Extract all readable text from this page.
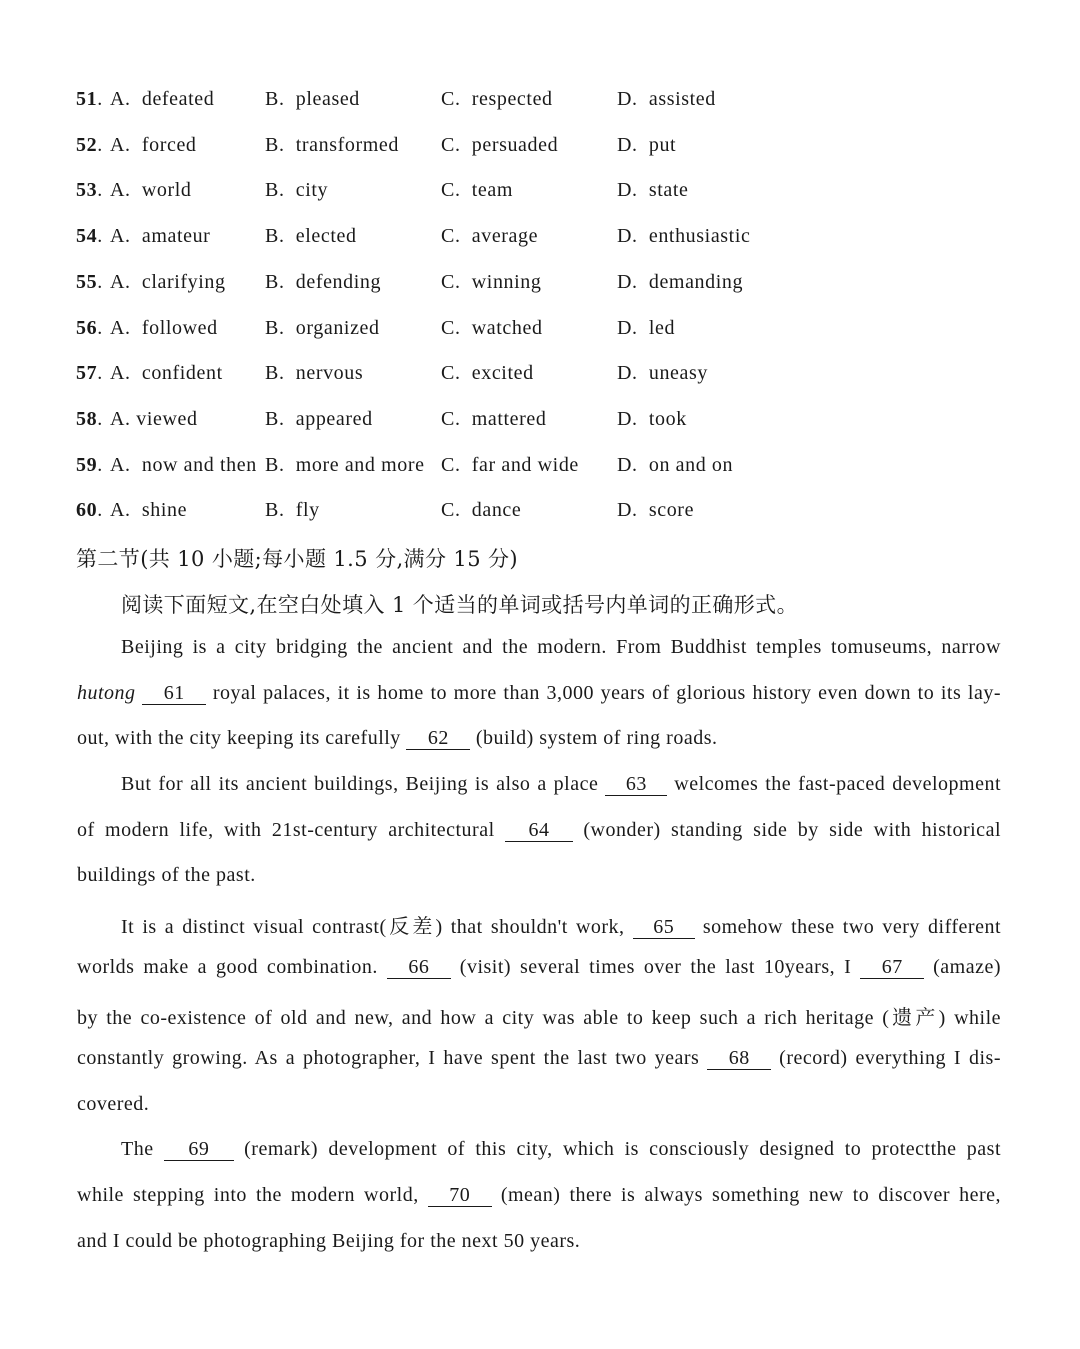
51. A.  defeated	B.  pleased	C.  respected	D.  assisted
52. A.  forced	B.  transformed C.  persuaded	D.  put
53. A.  world	B.  city	C.  team	D.  state
54. A.  amateur	B.  elected	C.  average	D.  enthusiastic
55. A.  clarifying B.  defending	C.  winning	D.  demanding
56. A.  followed B.  organized	C.  watched	D.  led
57. A.  confident B.  nervous	C.  excited	D.  uneasy
58. A. viewed	B.  appeared	C.  mattered	D.  took
59. A.  now and then B.  more and more C.  far and wide D.  on and on
60. A.  shine	B.  fly	C.  dance	D.  score
第二节(共 10 小题;每小题 1.5 分,满分 15 分)
阅读下面短文,在空白处填入 1 个适当的单词或括号内单词的正确形式。
Beijing is a city bridging the ancient and the modern. From Buddhist temples tomuseums, narrow
hutong 61 royal palaces, it is home to more than 3,000 years of glorious history even down to its lay-
out, with the city keeping its carefully 62 (build) system of ring roads.
But for all its ancient buildings, Beijing is also a place 63 welcomes the fast-paced development
of modern life, with 21st-century architectural 64 (wonder) standing side by side with historical
buildings of the past.
It is a distinct visual contrast(反差) that shouldn't work, 65 somehow these two very different
worlds make a good combination. 66 (visit) several times over the last 10years, I 67 (amaze)
by the co-existence of old and new, and how a city was able to keep such a rich heritage (遗产) while
constantly growing. As a photographer, I have spent the last two years 68 (record) everything I dis-
covered.
The 69 (remark) development of this city, which is consciously designed to protectthe past
while stepping into the modern world, 70 (mean) there is always something new to discover here,
and I could be photographing Beijing for the next 50 years.
